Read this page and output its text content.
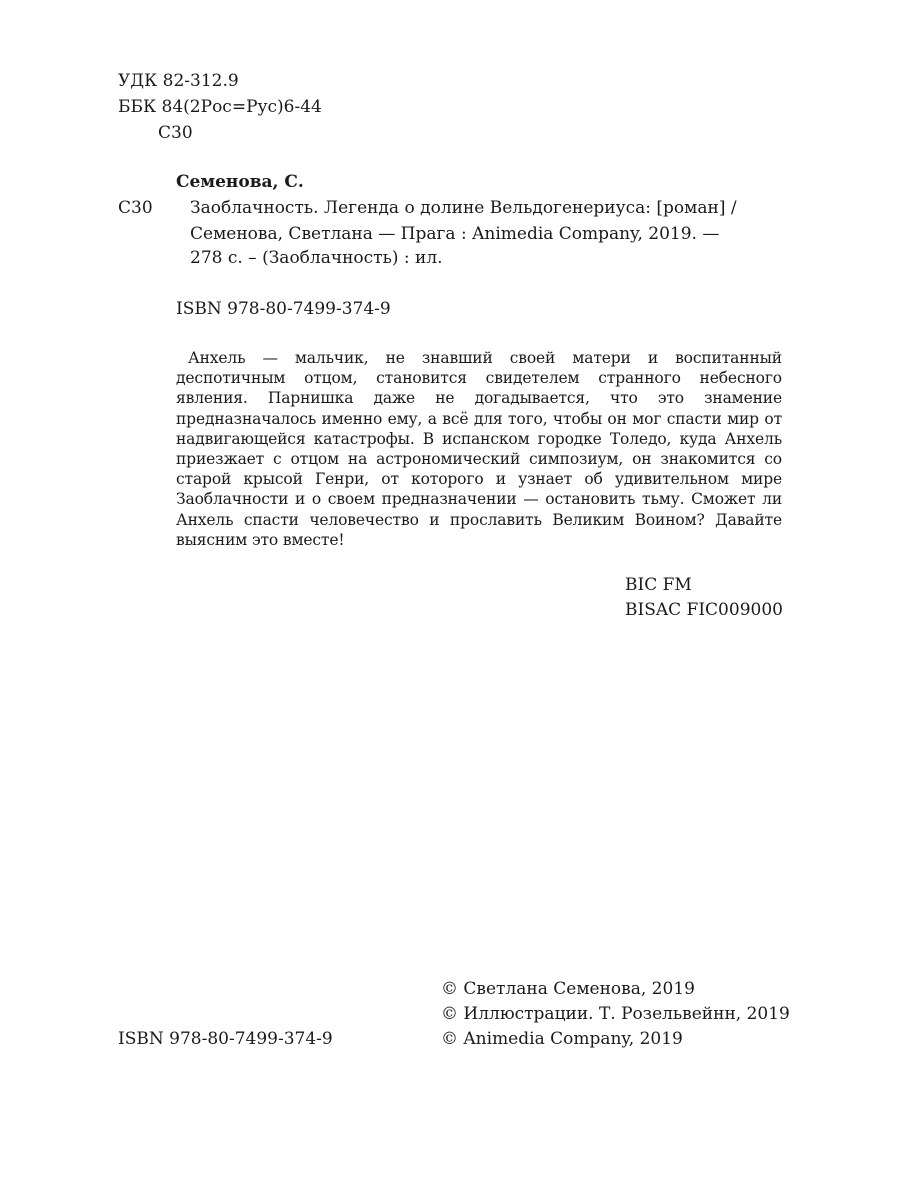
УДК 82-312.9
ББК 84(2Рос=Рус)6-44
С30
Семенова, С.
С30 Заоблачность. Легенда о долине Вельдогенериуса: [роман] /
Семенова, Светлана — Прага : Animedia Company, 2019. —
278 с. – (Заоблачность) : ил.
ISBN 978-80-7499-374-9
Анхель — мальчик, не знавший своей матери и воспитанный деспотичным отцом, становится свидетелем странного небесного явления. Парнишка даже не догадывается, что это знамение предназначалось именно ему, а всё для того, чтобы он мог спасти мир от надвигающейся катастрофы. В испанском городке Толедо, куда Анхель приезжает с отцом на астрономический симпозиум, он знакомится со старой крысой Генри, от которого и узнает об удивительном мире Заоблачности и о своем предназначении — остановить тьму. Сможет ли Анхель спасти человечество и прославить Великим Воином? Давайте выясним это вместе!
BIC FM
BISAC FIC009000
© Светлана Семенова, 2019
© Иллюстрации. Т. Розельвейнн, 2019
ISBN 978-80-7499-374-9	© Animedia Company, 2019
